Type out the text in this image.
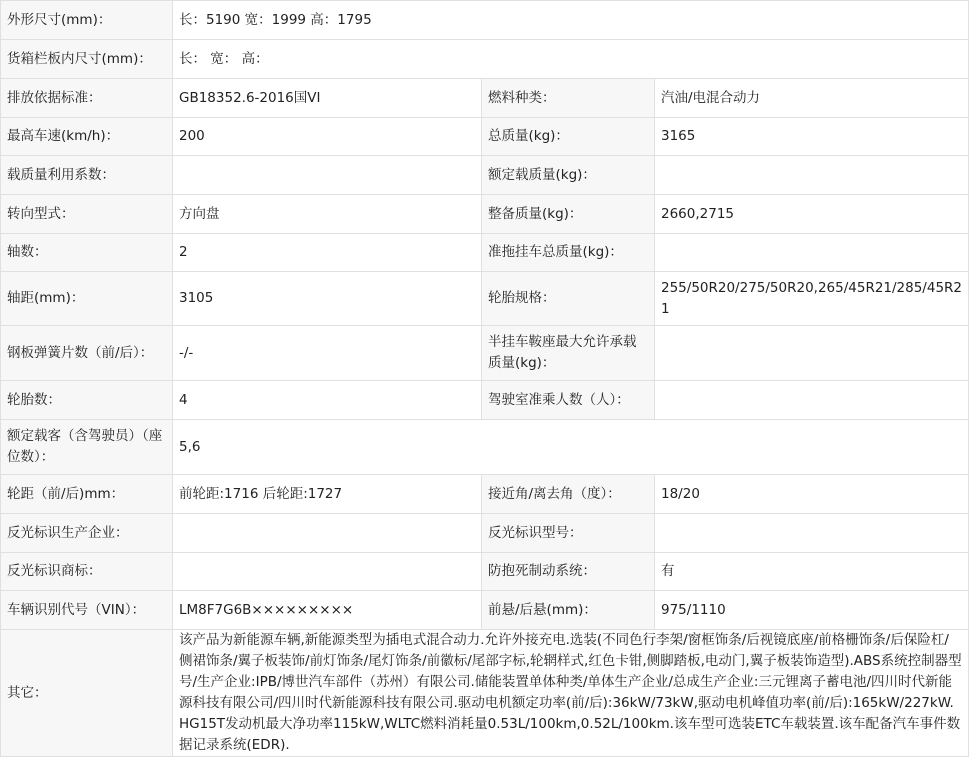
外形尺寸(mm)：	长：5190 宽：1999 高：1795		
货箱栏板内尺寸(mm)：	长： 宽： 高：		
排放依据标准：	GB18352.6-2016国VI	燃料种类：	汽油/电混合动力
最高车速(km/h)：	200	总质量(kg)：	3165
载质量利用系数：		额定载质量(kg)：	
转向型式：	方向盘	整备质量(kg)：	2660,2715
轴数：	2	准拖挂车总质量(kg)：	
轴距(mm)：	3105	轮胎规格：	255/50R20/275/50R20,265/45R21/285/45R21
钢板弹簧片数（前/后）：	-/-	半挂车鞍座最大允许承载质量(kg)：	
轮胎数：	4	驾驶室准乘人数（人）：	
额定载客（含驾驶员）（座位数）：	5,6		
轮距（前/后)mm：	前轮距:1716 后轮距:1727	接近角/离去角（度）：	18/20
反光标识生产企业：		反光标识型号：	
反光标识商标：		防抱死制动系统：	有
车辆识别代号（VIN）：	LM8F7G6B×××××××××	前悬/后悬(mm)：	975/1110
其它：	该产品为新能源车辆,新能源类型为插电式混合动力.允许外接充电.选装(不同色行李架/窗框饰条/后视镜底座/前格栅饰条/后保险杠/侧裙饰条/翼子板装饰/前灯饰条/尾灯饰条/前徽标/尾部字标,轮辋样式,红色卡钳,侧脚踏板,电动门,翼子板装饰造型).ABS系统控制器型号/生产企业:IPB/博世汽车部件（苏州）有限公司.储能装置单体种类/单体生产企业/总成生产企业:三元锂离子蓄电池/四川时代新能源科技有限公司/四川时代新能源科技有限公司.驱动电机额定功率(前/后):36kW/73kW,驱动电机峰值功率(前/后):165kW/227kW.HG15T发动机最大净功率115kW,WLTC燃料消耗量0.53L/100km,0.52L/100km.该车型可选装ETC车载装置.该车配备汽车事件数据记录系统(EDR).		
